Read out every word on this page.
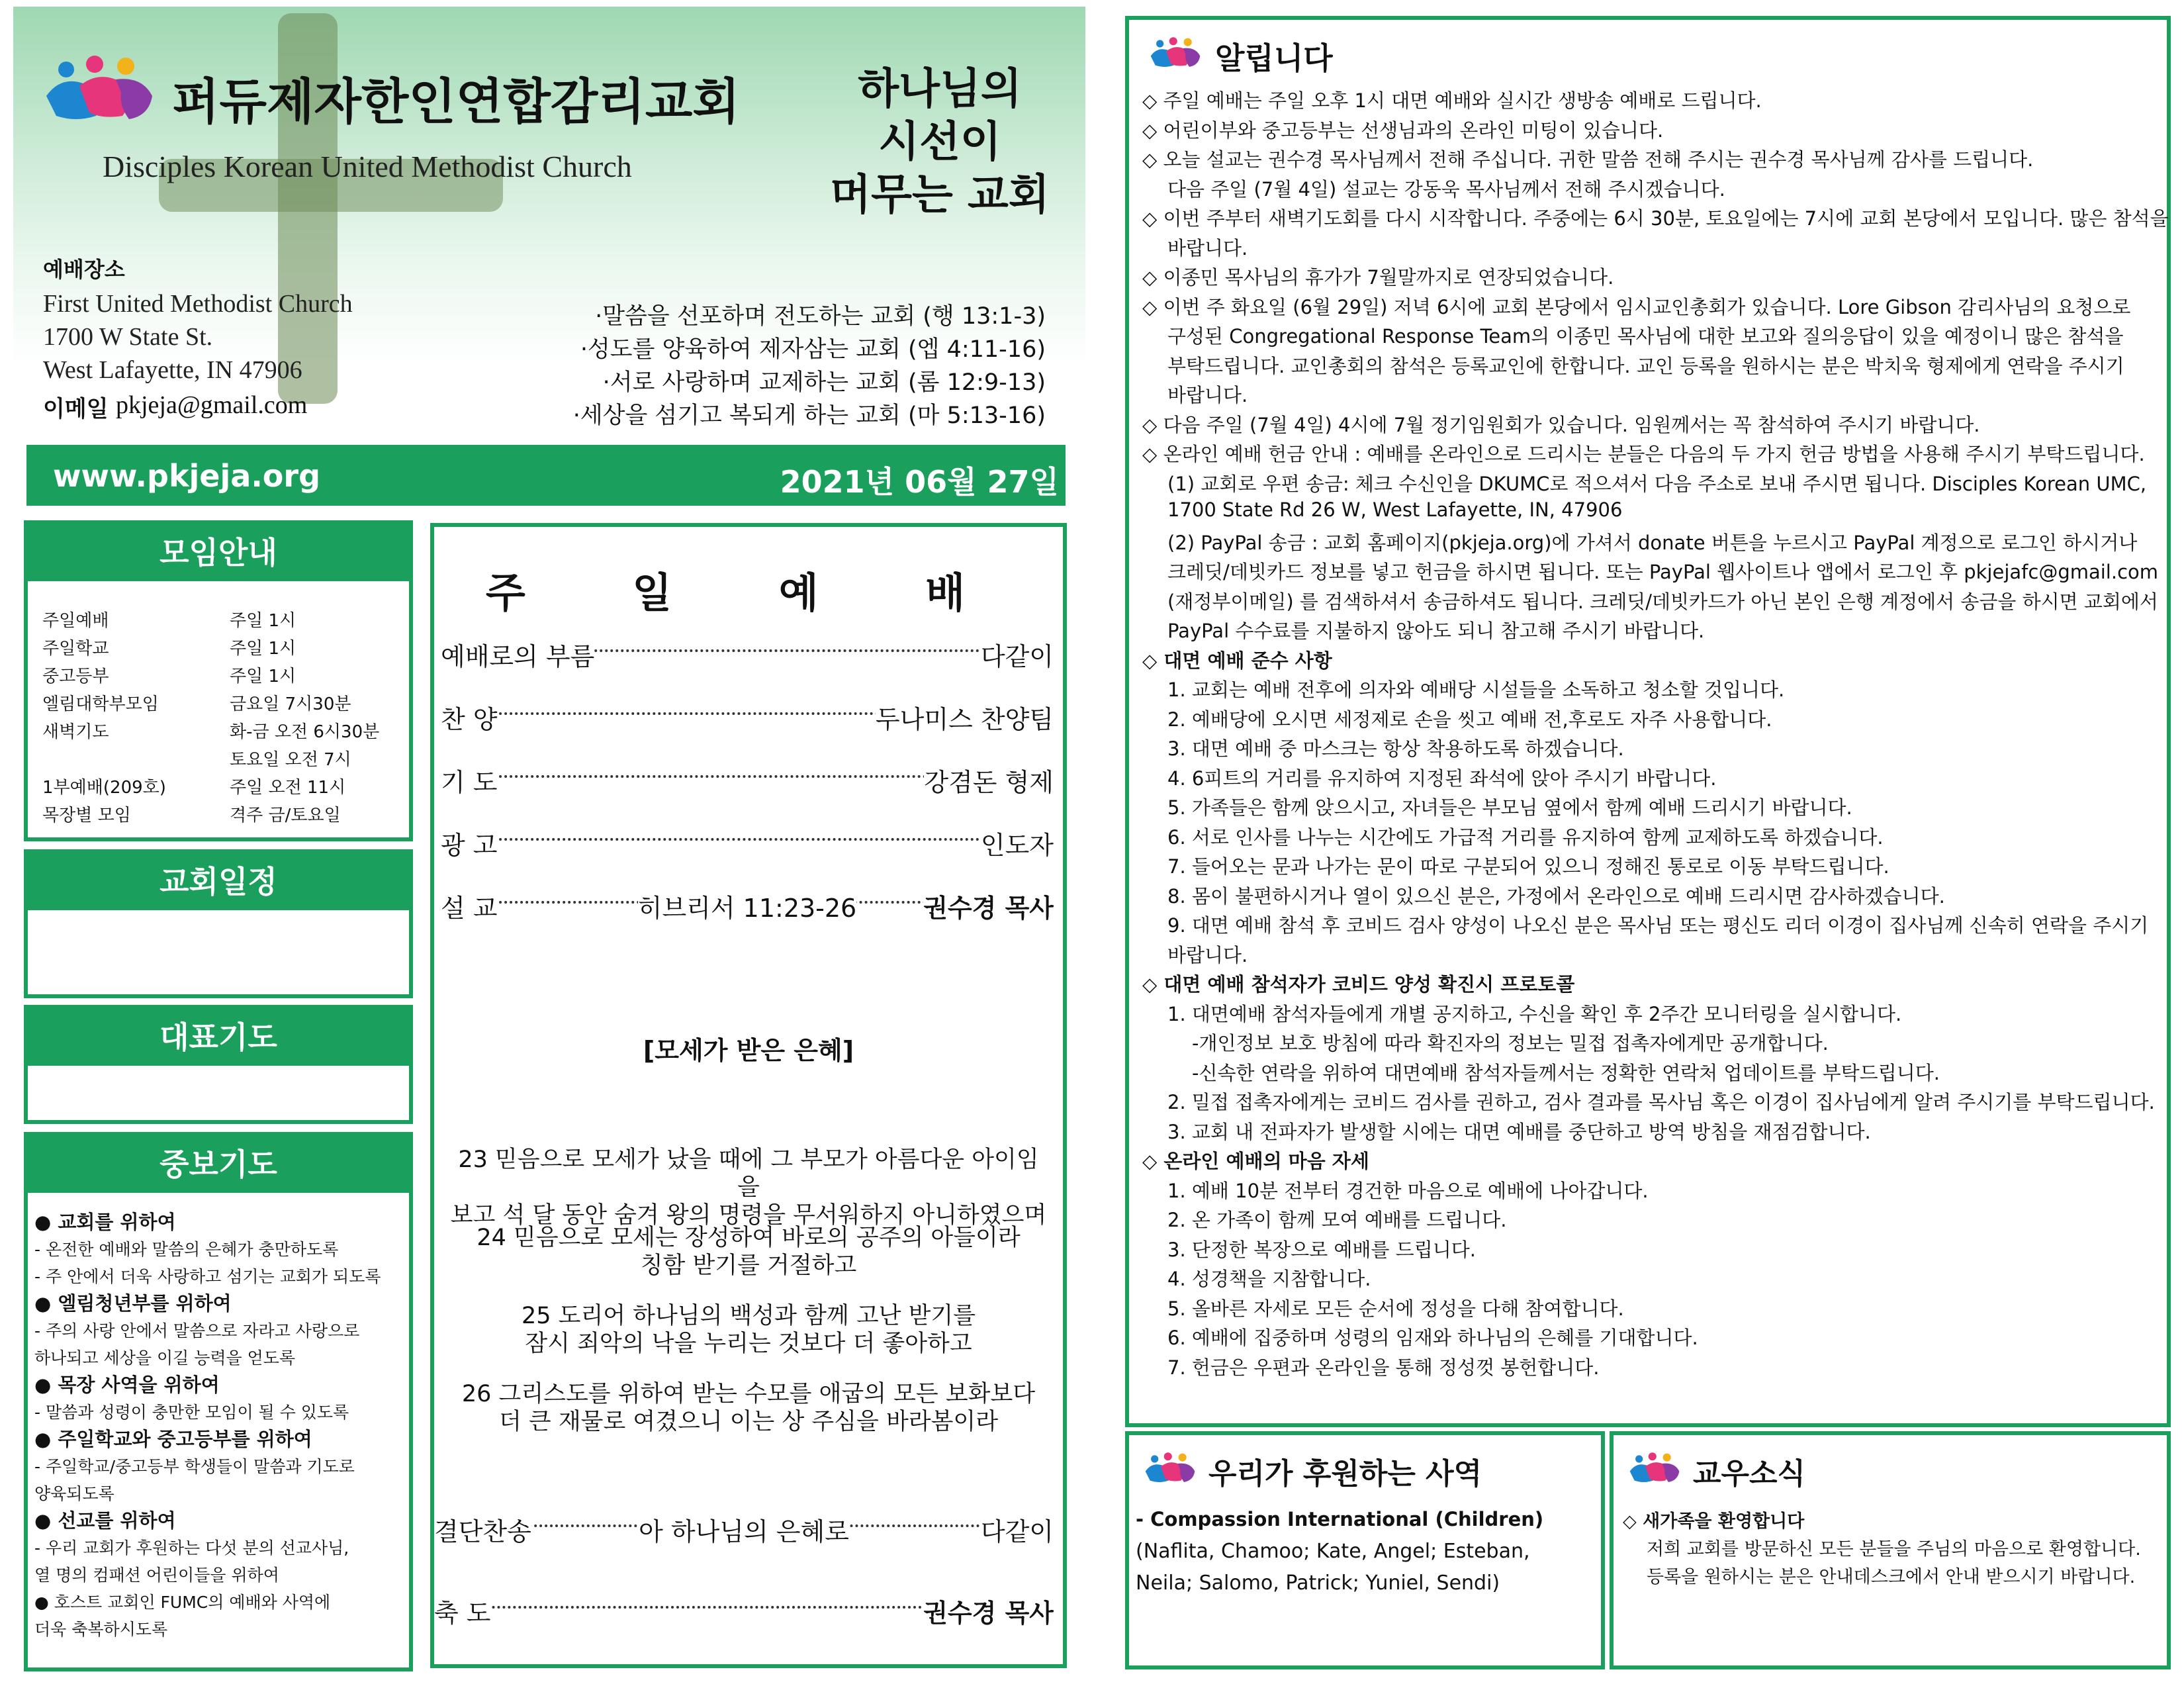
퍼듀제자한인연합감리교회
Disciples Korean United Methodist Church
하나님의
시선이
머무는 교회
예배장소
First United Methodist Church
1700 W State St.
West Lafayette, IN 47906
이메일 pkjeja@gmail.com
·말씀을 선포하며 전도하는 교회 (행 13:1-3)
·성도를 양육하여 제자삼는 교회 (엡 4:11-16)
·서로 사랑하며 교제하는 교회 (롬 12:9-13)
·세상을 섬기고 복되게 하는 교회 (마 5:13-16)
www.pkjeja.org	2021년 06월 27일
모임안내
주일예배	주일 1시
주일학교	주일 1시
중고등부	주일 1시
엘림대학부모임	금요일 7시30분
새벽기도	화-금 오전 6시30분
토요일 오전 7시
1부예배(209호)	주일 오전 11시
목장별 모임	격주 금/토요일
교회일정
대표기도
중보기도
● 교회를 위하여
- 온전한 예배와 말씀의 은혜가 충만하도록
- 주 안에서 더욱 사랑하고 섬기는 교회가 되도록
● 엘림청년부를 위하여
- 주의 사랑 안에서 말씀으로 자라고 사랑으로
하나되고 세상을 이길 능력을 얻도록
● 목장 사역을 위하여
- 말씀과 성령이 충만한 모임이 될 수 있도록
● 주일학교와 중고등부를 위하여
- 주일학교/중고등부 학생들이 말씀과 기도로
양육되도록
● 선교를 위하여
- 우리 교회가 후원하는 다섯 분의 선교사님,
열 명의 컴패션 어린이들을 위하여
● 호스트 교회인 FUMC의 예배와 사역에
더욱 축복하시도록
주 일 예 배
예배로의 부름	다같이
찬 양	두나미스 찬양팀
기 도	강겸돈 형제
광 고	인도자
설 교	권수경 목사
히브리서 11:23-26
[모세가 받은 은혜]
23 믿음으로 모세가 났을 때에 그 부모가 아름다운 아이임을
보고 석 달 동안 숨겨 왕의 명령을 무서워하지 아니하였으며
24 믿음으로 모세는 장성하여 바로의 공주의 아들이라
칭함 받기를 거절하고
25 도리어 하나님의 백성과 함께 고난 받기를
잠시 죄악의 낙을 누리는 것보다 더 좋아하고
26 그리스도를 위하여 받는 수모를 애굽의 모든 보화보다
더 큰 재물로 여겼으니 이는 상 주심을 바라봄이라
결단찬송	다같이
아 하나님의 은혜로
축 도	권수경 목사
알립니다
◇ 주일 예배는 주일 오후 1시 대면 예배와 실시간 생방송 예배로 드립니다.
◇ 어린이부와 중고등부는 선생님과의 온라인 미팅이 있습니다.
◇ 오늘 설교는 권수경 목사님께서 전해 주십니다. 귀한 말씀 전해 주시는 권수경 목사님께 감사를 드립니다.
다음 주일 (7월 4일) 설교는 강동욱 목사님께서 전해 주시겠습니다.
◇ 이번 주부터 새벽기도회를 다시 시작합니다. 주중에는 6시 30분, 토요일에는 7시에 교회 본당에서 모입니다. 많은 참석을
바랍니다.
◇ 이종민 목사님의 휴가가 7월말까지로 연장되었습니다.
◇ 이번 주 화요일 (6월 29일) 저녁 6시에 교회 본당에서 임시교인총회가 있습니다. Lore Gibson 감리사님의 요청으로
구성된 Congregational Response Team의 이종민 목사님에 대한 보고와 질의응답이 있을 예정이니 많은 참석을
부탁드립니다. 교인총회의 참석은 등록교인에 한합니다. 교인 등록을 원하시는 분은 박치욱 형제에게 연락을 주시기
바랍니다.
◇ 다음 주일 (7월 4일) 4시에 7월 정기임원회가 있습니다. 임원께서는 꼭 참석하여 주시기 바랍니다.
◇ 온라인 예배 헌금 안내 : 예배를 온라인으로 드리시는 분들은 다음의 두 가지 헌금 방법을 사용해 주시기 부탁드립니다.
(1) 교회로 우편 송금: 체크 수신인을 DKUMC로 적으셔서 다음 주소로 보내 주시면 됩니다. Disciples Korean UMC,
1700 State Rd 26 W, West Lafayette, IN, 47906
(2) PayPal 송금 : 교회 홈페이지(pkjeja.org)에 가셔서 donate 버튼을 누르시고 PayPal 계정으로 로그인 하시거나
크레딧/데빗카드 정보를 넣고 헌금을 하시면 됩니다. 또는 PayPal 웹사이트나 앱에서 로그인 후 pkjejafc@gmail.com
(재정부이메일) 를 검색하셔서 송금하셔도 됩니다. 크레딧/데빗카드가 아닌 본인 은행 계정에서 송금을 하시면 교회에서
PayPal 수수료를 지불하지 않아도 되니 참고해 주시기 바랍니다.
◇ 대면 예배 준수 사항
1. 교회는 예배 전후에 의자와 예배당 시설들을 소독하고 청소할 것입니다.
2. 예배당에 오시면 세정제로 손을 씻고 예배 전,후로도 자주 사용합니다.
3. 대면 예배 중 마스크는 항상 착용하도록 하겠습니다.
4. 6피트의 거리를 유지하여 지정된 좌석에 앉아 주시기 바랍니다.
5. 가족들은 함께 앉으시고, 자녀들은 부모님 옆에서 함께 예배 드리시기 바랍니다.
6. 서로 인사를 나누는 시간에도 가급적 거리를 유지하여 함께 교제하도록 하겠습니다.
7. 들어오는 문과 나가는 문이 따로 구분되어 있으니 정해진 통로로 이동 부탁드립니다.
8. 몸이 불편하시거나 열이 있으신 분은, 가정에서 온라인으로 예배 드리시면 감사하겠습니다.
9. 대면 예배 참석 후 코비드 검사 양성이 나오신 분은 목사님 또는 평신도 리더 이경이 집사님께 신속히 연락을 주시기
바랍니다.
◇ 대면 예배 참석자가 코비드 양성 확진시 프로토콜
1. 대면예배 참석자들에게 개별 공지하고, 수신을 확인 후 2주간 모니터링을 실시합니다.
-개인정보 보호 방침에 따라 확진자의 정보는 밀접 접촉자에게만 공개합니다.
-신속한 연락을 위하여 대면예배 참석자들께서는 정확한 연락처 업데이트를 부탁드립니다.
2. 밀접 접촉자에게는 코비드 검사를 권하고, 검사 결과를 목사님 혹은 이경이 집사님에게 알려 주시기를 부탁드립니다.
3. 교회 내 전파자가 발생할 시에는 대면 예배를 중단하고 방역 방침을 재점검합니다.
◇ 온라인 예배의 마음 자세
1. 예배 10분 전부터 경건한 마음으로 예배에 나아갑니다.
2. 온 가족이 함께 모여 예배를 드립니다.
3. 단정한 복장으로 예배를 드립니다.
4. 성경책을 지참합니다.
5. 올바른 자세로 모든 순서에 정성을 다해 참여합니다.
6. 예배에 집중하며 성령의 임재와 하나님의 은혜를 기대합니다.
7. 헌금은 우편과 온라인을 통해 정성껏 봉헌합니다.
우리가 후원하는 사역
- Compassion International (Children)
(Naflita, Chamoo; Kate, Angel; Esteban,
Neila; Salomo, Patrick; Yuniel, Sendi)
교우소식
◇ 새가족을 환영합니다
저희 교회를 방문하신 모든 분들을 주님의 마음으로 환영합니다.
등록을 원하시는 분은 안내데스크에서 안내 받으시기 바랍니다.
